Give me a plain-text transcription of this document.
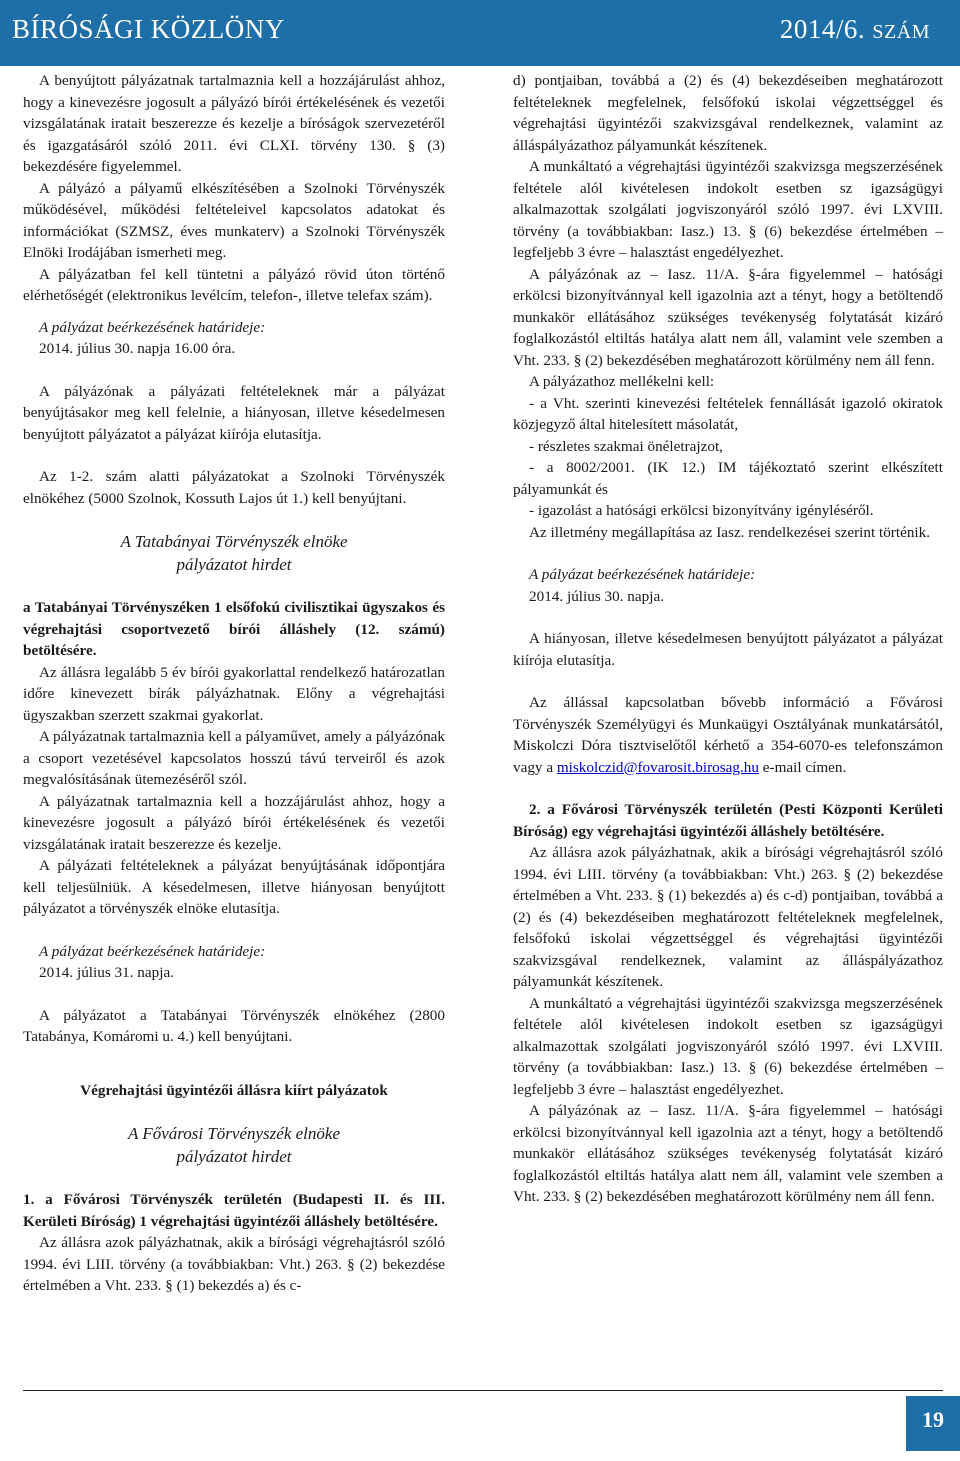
BÍRÓSÁGI KÖZLÖNY	2014/6. SZÁM

A benyújtott pályázatnak tartalmaznia kell a hozzájárulást ahhoz, hogy a kinevezésre jogosult a pályázó bírói értékelésének és vezetői vizsgálatának iratait beszerezze és kezelje a bíróságok szervezetéről és igazgatásáról szóló 2011. évi CLXI. törvény 130. § (3) bekezdésére figyelemmel.

A pályázó a pályamű elkészítésében a Szolnoki Törvényszék működésével, működési feltételeivel kapcsolatos adatokat és információkat (SZMSZ, éves munkaterv) a Szolnoki Törvényszék Elnöki Irodájában ismerheti meg.

A pályázatban fel kell tüntetni a pályázó rövid úton történő elérhetőségét (elektronikus levélcím, telefon-, illetve telefax szám).

A pályázat beérkezésének határideje:

2014. július 30. napja 16.00 óra.

A pályázónak a pályázati feltételeknek már a pályázat benyújtásakor meg kell felelnie, a hiányosan, illetve késedelmesen benyújtott pályázatot a pályázat kiírója elutasítja.

Az 1-2. szám alatti pályázatokat a Szolnoki Törvényszék elnökéhez (5000 Szolnok, Kossuth Lajos út 1.) kell benyújtani.

A Tatabányai Törvényszék elnöke

pályázatot hirdet

a Tatabányai Törvényszéken 1 elsőfokú civilisztikai ügyszakos és végrehajtási csoportvezető bírói álláshely (12. számú) betöltésére.

Az állásra legalább 5 év bírói gyakorlattal rendelkező határozatlan időre kinevezett bírák pályázhatnak. Előny a végrehajtási ügyszakban szerzett szakmai gyakorlat.

A pályázatnak tartalmaznia kell a pályaművet, amely a pályázónak a csoport vezetésével kapcsolatos hosszú távú terveiről és azok megvalósításának ütemezéséről szól.

A pályázatnak tartalmaznia kell a hozzájárulást ahhoz, hogy a kinevezésre jogosult a pályázó bírói értékelésének és vezetői vizsgálatának iratait beszerezze és kezelje.

A pályázati feltételeknek a pályázat benyújtásának időpontjára kell teljesülniük. A késedelmesen, illetve hiányosan benyújtott pályázatot a törvényszék elnöke elutasítja.

A pályázat beérkezésének határideje:

2014. július 31. napja.

A pályázatot a Tatabányai Törvényszék elnökéhez (2800 Tatabánya, Komáromi u. 4.) kell benyújtani.

Végrehajtási ügyintézői állásra kiírt pályázatok

A Fővárosi Törvényszék elnöke

pályázatot hirdet

1. a Fővárosi Törvényszék területén (Budapesti II. és III. Kerületi Bíróság) 1 végrehajtási ügyintézői álláshely betöltésére.

Az állásra azok pályázhatnak, akik a bírósági végrehajtásról szóló 1994. évi LIII. törvény (a továbbiakban: Vht.) 263. § (2) bekezdése értelmében a Vht. 233. § (1) bekezdés a) és c-

d) pontjaiban, továbbá a (2) és (4) bekezdéseiben meghatározott feltételeknek megfelelnek, felsőfokú iskolai végzettséggel és végrehajtási ügyintézői szakvizsgával rendelkeznek, valamint az álláspályázathoz pályamunkát készítenek.

A munkáltató a végrehajtási ügyintézői szakvizsga megszerzésének feltétele alól kivételesen indokolt esetben sz igazságügyi alkalmazottak szolgálati jogviszonyáról szóló 1997. évi LXVIII. törvény (a továbbiakban: Iasz.) 13. § (6) bekezdése értelmében – legfeljebb 3 évre – halasztást engedélyezhet.

A pályázónak az – Iasz. 11/A. §-ára figyelemmel – hatósági erkölcsi bizonyítvánnyal kell igazolnia azt a tényt, hogy a betöltendő munkakör ellátásához szükséges tevékenység folytatását kizáró foglalkozástól eltiltás hatálya alatt nem áll, valamint vele szemben a Vht. 233. § (2) bekezdésében meghatározott körülmény nem áll fenn.

A pályázathoz mellékelni kell:

- a Vht. szerinti kinevezési feltételek fennállását igazoló okiratok közjegyző által hitelesített másolatát,

- részletes szakmai önéletrajzot,

- a 8002/2001. (IK 12.) IM tájékoztató szerint elkészített pályamunkát és

- igazolást a hatósági erkölcsi bizonyítvány igényléséről.

Az illetmény megállapítása az Iasz. rendelkezései szerint történik.

A pályázat beérkezésének határideje:

2014. július 30. napja.

A hiányosan, illetve késedelmesen benyújtott pályázatot a pályázat kiírója elutasítja.

Az állással kapcsolatban bővebb információ a Fővárosi Törvényszék Személyügyi és Munkaügyi Osztályának munkatársától, Miskolczi Dóra tisztviselőtől kérhető a 354-6070-es telefonszámon vagy a miskolczid@fovarosit.birosag.hu e-mail címen.

2. a Fővárosi Törvényszék területén (Pesti Központi Kerületi Bíróság) egy végrehajtási ügyintézői álláshely betöltésére.

Az állásra azok pályázhatnak, akik a bírósági végrehajtásról szóló 1994. évi LIII. törvény (a továbbiakban: Vht.) 263. § (2) bekezdése értelmében a Vht. 233. § (1) bekezdés a) és c-d) pontjaiban, továbbá a (2) és (4) bekezdéseiben meghatározott feltételeknek megfelelnek, felsőfokú iskolai végzettséggel és végrehajtási ügyintézői szakvizsgával rendelkeznek, valamint az álláspályázathoz pályamunkát készítenek.

A munkáltató a végrehajtási ügyintézői szakvizsga megszerzésének feltétele alól kivételesen indokolt esetben sz igazságügyi alkalmazottak szolgálati jogviszonyáról szóló 1997. évi LXVIII. törvény (a továbbiakban: Iasz.) 13. § (6) bekezdése értelmében – legfeljebb 3 évre – halasztást engedélyezhet.

A pályázónak az – Iasz. 11/A. §-ára figyelemmel – hatósági erkölcsi bizonyítvánnyal kell igazolnia azt a tényt, hogy a betöltendő munkakör ellátásához szükséges tevékenység folytatását kizáró foglalkozástól eltiltás hatálya alatt nem áll, valamint vele szemben a Vht. 233. § (2) bekezdésében meghatározott körülmény nem áll fenn.

19
